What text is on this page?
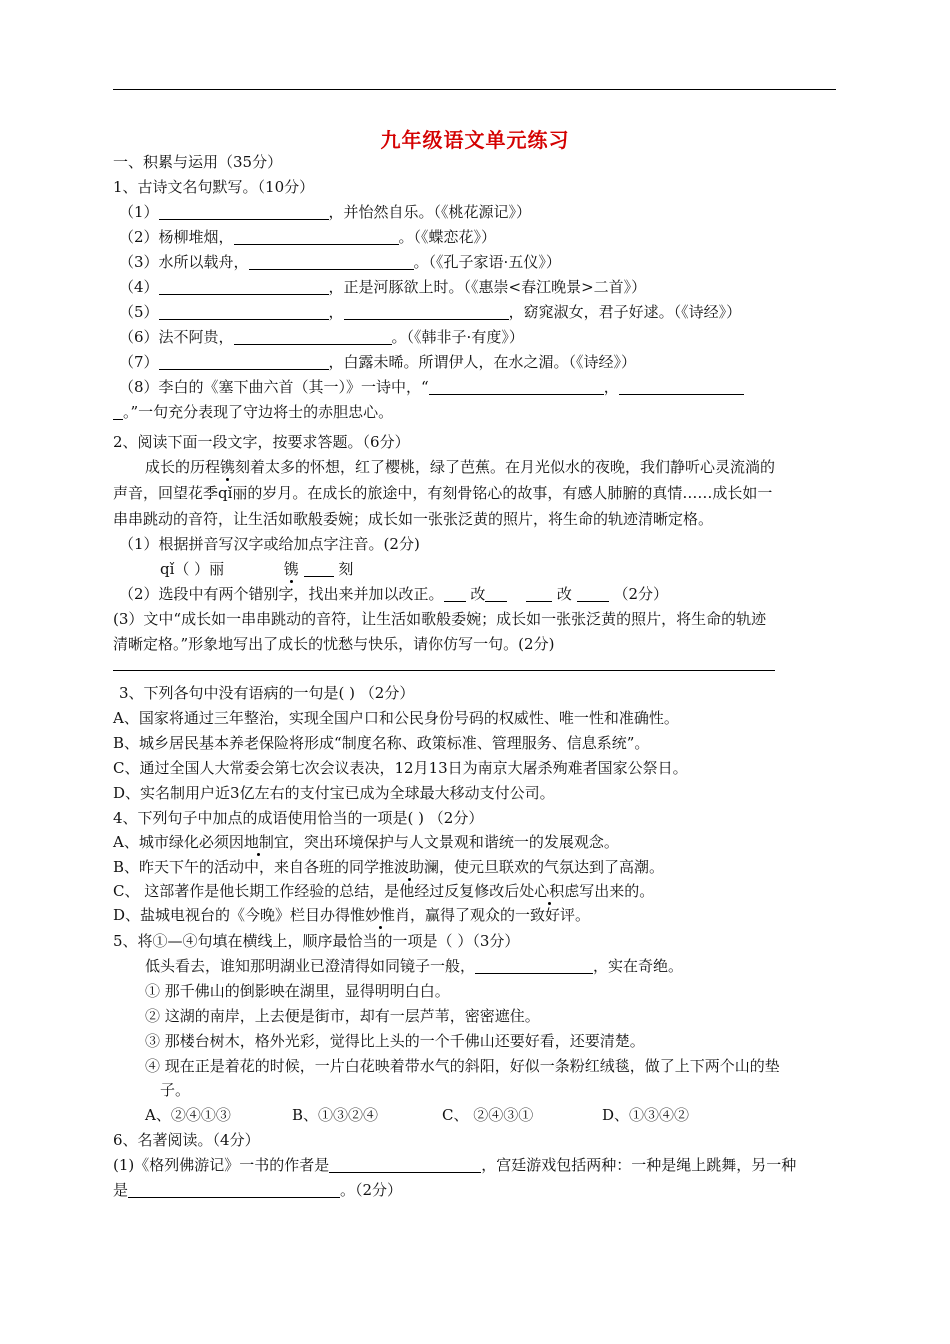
九年级语文单元练习
一、积累与运用（35分）
1、古诗文名句默写。（10分）
（1）	，并怡然自乐。（《桃花源记》）
（2）杨柳堆烟，	。（《蝶恋花》）
（3）水所以载舟，	。（《孔子家语·五仪》）
（4）	，正是河豚欲上时。（《惠崇<春江晚景>二首》）
（5）	，	，窈窕淑女，君子好逑。（《诗经》）
（6）法不阿贵，	。（《韩非子·有度》）
（7）	，白露未晞。所谓伊人，在水之湄。（《诗经》）
（8）李白的《塞下曲六首（其一）》一诗中，“	，
。”一句充分表现了守边将士的赤胆忠心。
2、阅读下面一段文字，按要求答题。（6分）
成长的历程镌刻着太多的怀想，红了樱桃，绿了芭蕉。在月光似水的夜晚，我们静听心灵流淌的
声音，回望花季qǐ丽的岁月。在成长的旅途中，有刻骨铭心的故事，有感人肺腑的真情……成长如一
串串跳动的音符，让生活如歌般委婉；成长如一张张泛黄的照片，将生命的轨迹清晰定格。
（1）根据拼音写汉字或给加点字注音。(2分)
qǐ（ ）丽	镌	刻
（2）选段中有两个错别字，找出来并加以改正。 改	改	（2分）
(3）文中“成长如一串串跳动的音符，让生活如歌般委婉；成长如一张张泛黄的照片，将生命的轨迹
清晰定格。”形象地写出了成长的忧愁与快乐，请你仿写一句。(2分)
3、下列各句中没有语病的一句是( ) （2分）
A、国家将通过三年整治，实现全国户口和公民身份号码的权威性、唯一性和准确性。
B、城乡居民基本养老保险将形成“制度名称、政策标准、管理服务、信息系统”。
C、通过全国人大常委会第七次会议表决，12月13日为南京大屠杀殉难者国家公祭日。
D、实名制用户近3亿左右的支付宝已成为全球最大移动支付公司。
4、下列句子中加点的成语使用恰当的一项是( ) （2分）
A、城市绿化必须因地制宜，突出环境保护与人文景观和谐统一的发展观念。
B、昨天下午的活动中，来自各班的同学推波助澜，使元旦联欢的气氛达到了高潮。
C、 这部著作是他长期工作经验的总结，是他经过反复修改后处心积虑写出来的。
D、盐城电视台的《今晚》栏目办得惟妙惟肖，赢得了观众的一致好评。
5、将①—④句填在横线上，顺序最恰当的一项是（ ）（3分）
低头看去，谁知那明湖业已澄清得如同镜子一般，	，实在奇绝。
① 那千佛山的倒影映在湖里，显得明明白白。
② 这湖的南岸，上去便是街市，却有一层芦苇，密密遮住。
③ 那楼台树木，格外光彩，觉得比上头的一个千佛山还要好看，还要清楚。
④ 现在正是着花的时候，一片白花映着带水气的斜阳，好似一条粉红绒毯，做了上下两个山的垫
子。
A、②④①③	B、①③②④	C、 ②④③①	D、①③④②
6、名著阅读。（4分）
(1)《格列佛游记》一书的作者是	，宫廷游戏包括两种：一种是绳上跳舞，另一种
是	。（2分）
